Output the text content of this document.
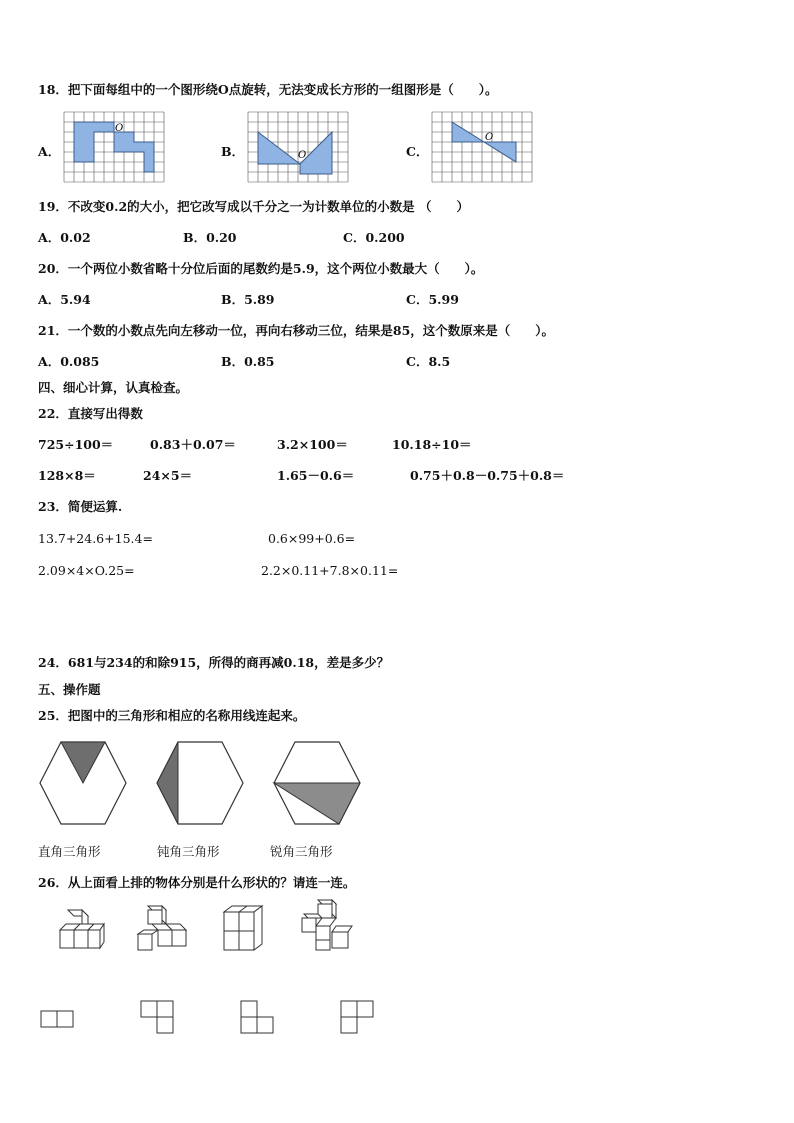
18．把下面每组中的一个图形绕O点旋转，无法变成长方形的一组图形是（　　）。
A．
O
B．	O	C．
O
19．不改变0.2的大小，把它改写成以千分之一为计数单位的小数是 （　　）
A．0.02	B．0.20	C．0.200
20．一个两位小数省略十分位后面的尾数约是5.9，这个两位小数最大（　　）。
A．5.94	B．5.89	C．5.99
21．一个数的小数点先向左移动一位，再向右移动三位，结果是85，这个数原来是（　　）。
A．0.085	B．0.85	C．8.5
四、细心计算，认真检查。
22．直接写出得数
725÷100＝	0.83＋0.07＝	3.2×100＝	10.18÷10＝
128×8＝	24×5＝	1.65－0.6＝	0.75＋0.8－0.75＋0.8＝
23．简便运算.
13.7+24.6+15.4=	0.6×99+0.6=
2.09×4×O.25=	2.2×0.11+7.8×0.11=
24．681与234的和除915，所得的商再减0.18，差是多少？
五、操作题
25．把图中的三角形和相应的名称用线连起来。
直角三角形	钝角三角形	锐角三角形
26．从上面看上排的物体分别是什么形状的？请连一连。
